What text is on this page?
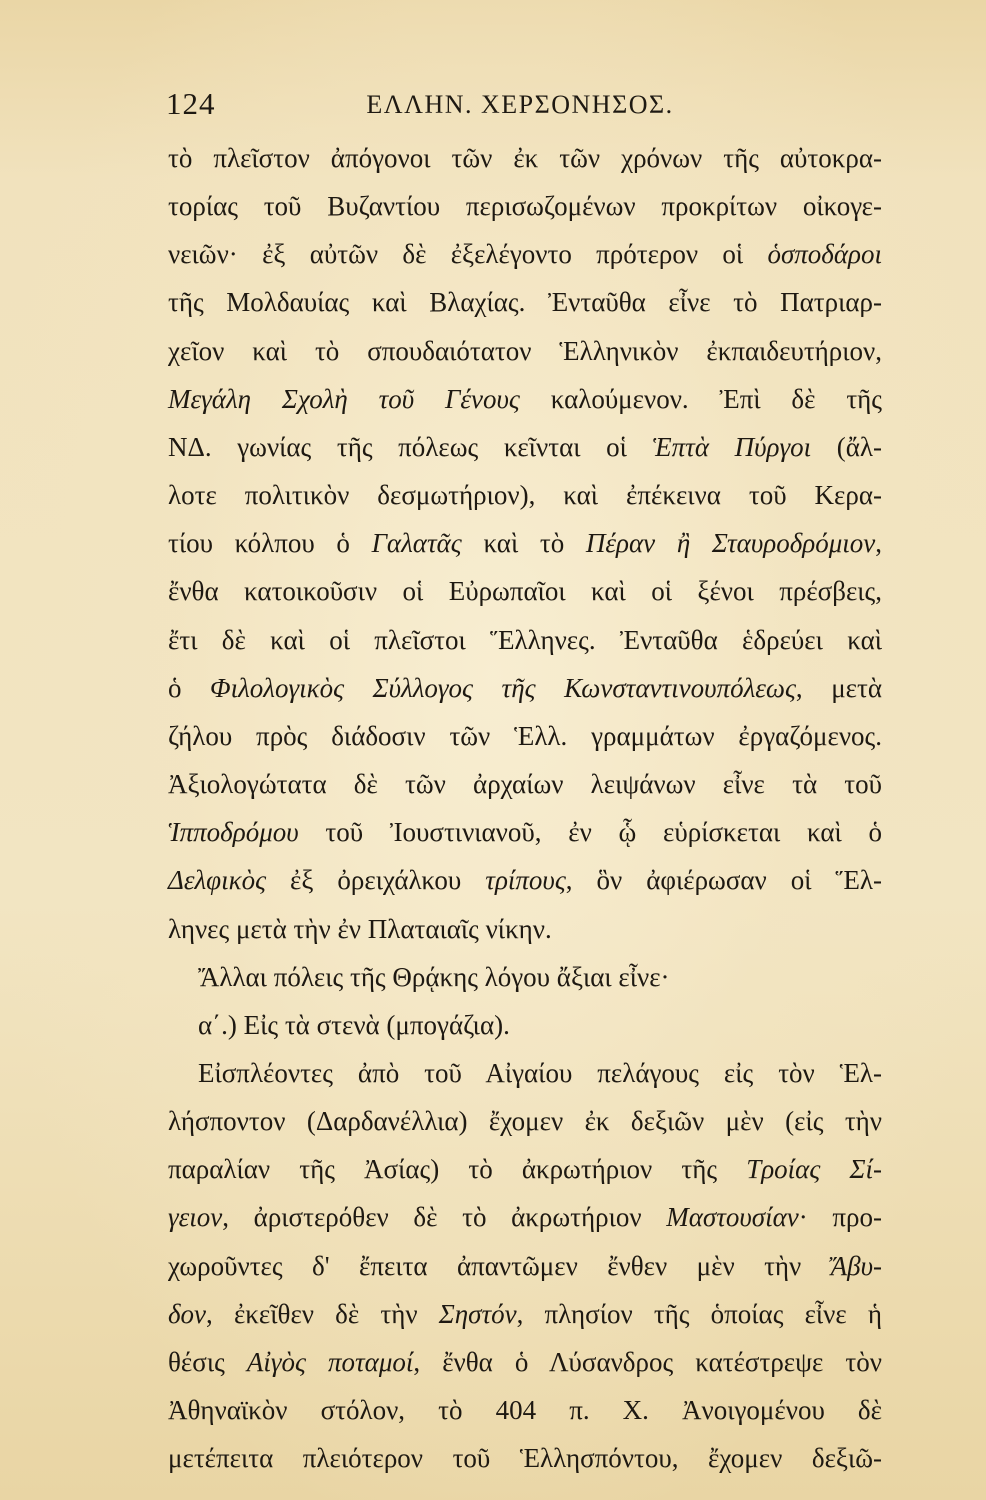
124	ΕΛΛΗΝ. ΧΕΡΣΟΝΗΣΟΣ.
τὸ πλεῖστον ἀπόγονοι τῶν ἐκ τῶν χρόνων τῆς αὐτοκρα-
τορίας τοῦ Βυζαντίου περισωζομένων προκρίτων οἰκογε-
νειῶν· ἐξ αὐτῶν δὲ ἐξελέγοντο πρότερον οἱ ὁσποδάροι
τῆς Μολδαυίας καὶ Βλαχίας. Ἐνταῦθα εἶνε τὸ Πατριαρ-
χεῖον καὶ τὸ σπουδαιότατον Ἑλληνικὸν ἐκπαιδευτήριον,
Μεγάλη Σχολὴ τοῦ Γένους καλούμενον. Ἐπὶ δὲ τῆς
ΝΔ. γωνίας τῆς πόλεως κεῖνται οἱ Ἑπτὰ Πύργοι (ἄλ-
λοτε πολιτικὸν δεσμωτήριον), καὶ ἐπέκεινα τοῦ Κερα-
τίου κόλπου ὁ Γαλατᾶς καὶ τὸ Πέραν ἢ Σταυροδρόμιον,
ἔνθα κατοικοῦσιν οἱ Εὐρωπαῖοι καὶ οἱ ξένοι πρέσβεις,
ἔτι δὲ καὶ οἱ πλεῖστοι Ἕλληνες. Ἐνταῦθα ἑδρεύει καὶ
ὁ Φιλολογικὸς Σύλλογος τῆς Κωνσταντινουπόλεως, μετὰ
ζήλου πρὸς διάδοσιν τῶν Ἑλλ. γραμμάτων ἐργαζόμενος.
Ἀξιολογώτατα δὲ τῶν ἀρχαίων λειψάνων εἶνε τὰ τοῦ
Ἱπποδρόμου τοῦ Ἰουστινιανοῦ, ἐν ᾧ εὑρίσκεται καὶ ὁ
Δελφικὸς ἐξ ὀρειχάλκου τρίπους, ὃν ἀφιέρωσαν οἱ Ἕλ-
ληνες μετὰ τὴν ἐν Πλαταιαῖς νίκην.
Ἄλλαι πόλεις τῆς Θρᾴκης λόγου ἄξιαι εἶνε·
α΄.) Εἰς τὰ στενὰ (μπογάζια).
Εἰσπλέοντες ἀπὸ τοῦ Αἰγαίου πελάγους εἰς τὸν Ἑλ-
λήσποντον (Δαρδανέλλια) ἔχομεν ἐκ δεξιῶν μὲν (εἰς τὴν
παραλίαν τῆς Ἀσίας) τὸ ἀκρωτήριον τῆς Τροίας Σί-
γειον, ἀριστερόθεν δὲ τὸ ἀκρωτήριον Μαστουσίαν· προ-
χωροῦντες δ' ἔπειτα ἀπαντῶμεν ἔνθεν μὲν τὴν Ἄβυ-
δον, ἐκεῖθεν δὲ τὴν Σηστόν, πλησίον τῆς ὁποίας εἶνε ἡ
θέσις Αἰγὸς ποταμοί, ἔνθα ὁ Λύσανδρος κατέστρεψε τὸν
Ἀθηναϊκὸν στόλον, τὸ 404 π. Χ. Ἀνοιγομένου δὲ
μετέπειτα πλειότερον τοῦ Ἑλλησπόντου, ἔχομεν δεξιῶ-
